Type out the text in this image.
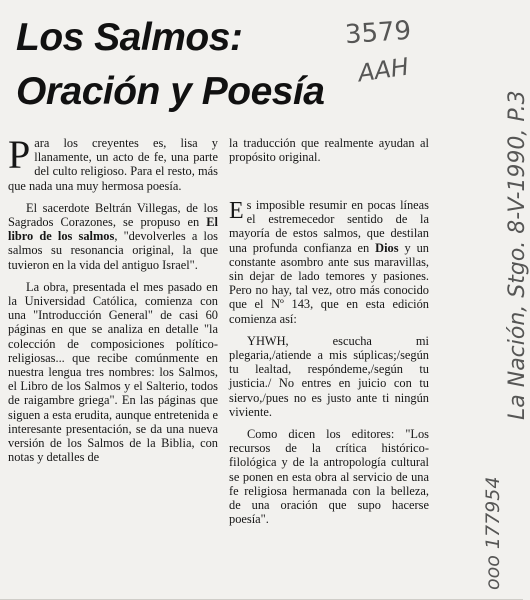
Los Salmos:
Oración y Poesía
3579
AAH
La Nación, Stgo. 8-V-1990, P.3
ooo 177954

Para los creyentes es, lisa y llanamente, un acto de fe, una parte del culto religioso. Para el resto, más que nada una muy hermosa poesía.

El sacerdote Beltrán Villegas, de los Sagrados Corazones, se propuso en El libro de los salmos, "devolverles a los salmos su resonancia original, la que tuvieron en la vida del antiguo Israel".

La obra, presentada el mes pasado en la Universidad Católica, comienza con una "Introducción General" de casi 60 páginas en que se analiza en detalle "la colección de composiciones político-religiosas... que recibe comúnmente en nuestra lengua tres nombres: los Salmos, el Libro de los Salmos y el Salterio, todos de raigambre griega". En las páginas que siguen a esta erudita, aunque entretenida e interesante presentación, se da una nueva versión de los Salmos de la Biblia, con notas y detalles de

la traducción que realmente ayudan al propósito original.

Es imposible resumir en pocas líneas el estremecedor sentido de la mayoría de estos salmos, que destilan una profunda confianza en Dios y un constante asombro ante sus maravillas, sin dejar de lado temores y pasiones. Pero no hay, tal vez, otro más conocido que el Nº 143, que en esta edición comienza así:

YHWH, escucha mi plegaria,/atiende a mis súplicas;/según tu lealtad, respóndeme,/según tu justicia./ No entres en juicio con tu siervo,/pues no es justo ante ti ningún viviente.

Como dicen los editores: "Los recursos de la crítica histórico-filológica y de la antropología cultural se ponen en esta obra al servicio de una fe religiosa hermanada con la belleza, de una oración que supo hacerse poesía".
